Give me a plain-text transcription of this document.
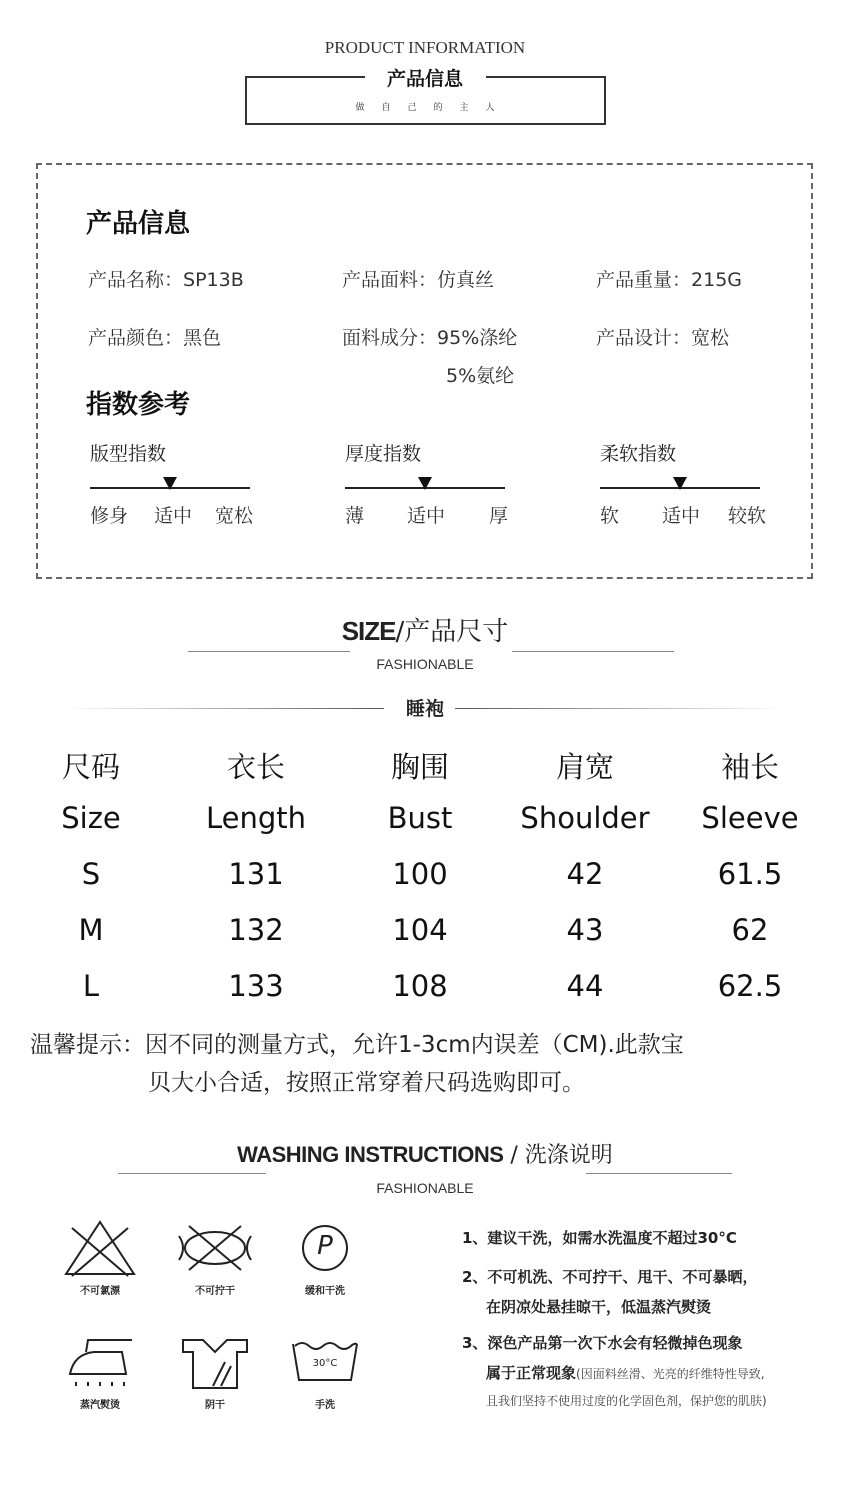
PRODUCT INFORMATION
产品信息
做自己的主人
产品信息
产品名称：SP13B	产品面料：仿真丝	产品重量：215G
产品颜色：黑色	面料成分：95%涤纶
5%氨纶
产品设计：宽松
指数参考
版型指数
修身 适中 宽松
厚度指数
薄 适中 厚
柔软指数
软 适中 较软
SIZE/产品尺寸
FASHIONABLE
睡袍
尺码	衣长	胸围	肩宽	袖长
Size	Length	Bust	Shoulder	Sleeve
S	131	100	42	61.5
M	132	104	43	62
L	133	108	44	62.5
温馨提示：因不同的测量方式，允许1-3cm内误差（CM).此款宝
贝大小合适，按照正常穿着尺码选购即可。
WASHING INSTRUCTIONS / 洗涤说明
FASHIONABLE
不可氯漂	不可拧干
P
缓和干洗
蒸汽熨烫	阴干
30°C
手洗
1、建议干洗，如需水洗温度不超过30°C
2、不可机洗、不可拧干、甩干、不可暴晒，
在阴凉处悬挂晾干，低温蒸汽熨烫
3、深色产品第一次下水会有轻微掉色现象
属于正常现象(因面料丝滑、光亮的纤维特性导致,
且我们坚持不使用过度的化学固色剂，保护您的肌肤)
